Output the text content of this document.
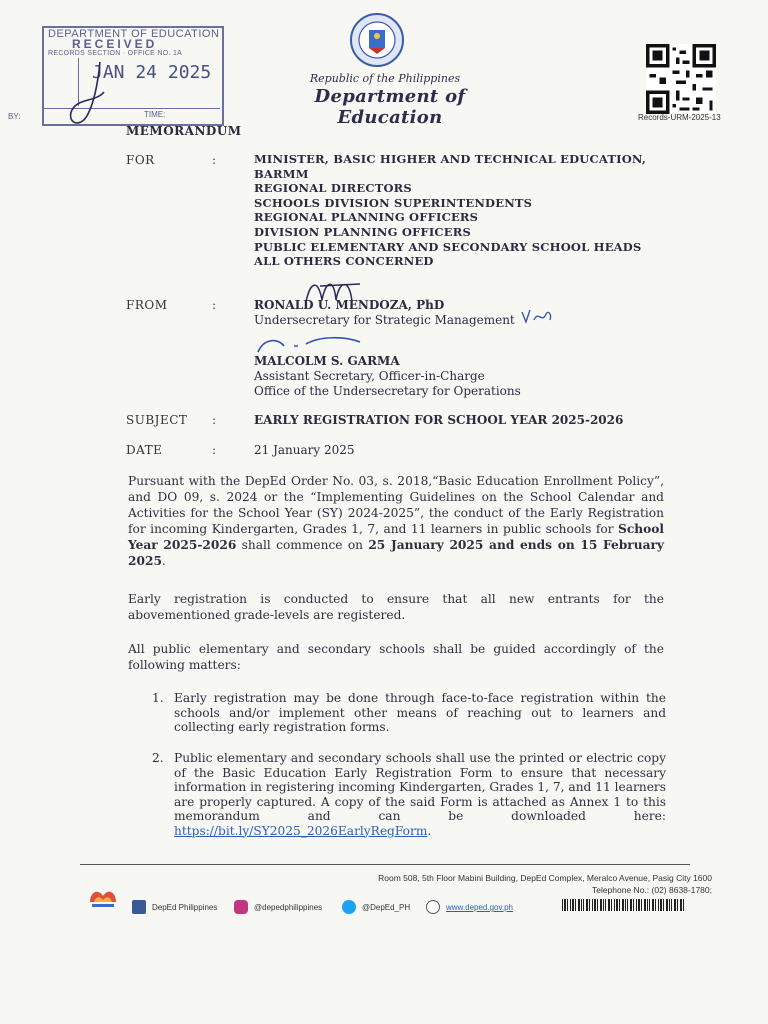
DEPARTMENT OF EDUCATION
RECEIVED
RECORDS SECTION · OFFICE NO. 1A
JAN 24 2025
BY:	TIME:
Republic of the Philippines
Department of Education	Records-URM-2025-13
MEMORANDUM
FOR	:	MINISTER, BASIC HIGHER AND TECHNICAL EDUCATION,
BARMM
REGIONAL DIRECTORS
SCHOOLS DIVISION SUPERINTENDENTS
REGIONAL PLANNING OFFICERS
DIVISION PLANNING OFFICERS
PUBLIC ELEMENTARY AND SECONDARY SCHOOL HEADS
ALL OTHERS CONCERNED
FROM	:	RONALD U. MENDOZA, PhD
Undersecretary for Strategic Management
MALCOLM S. GARMA
Assistant Secretary, Officer-in-Charge
Office of the Undersecretary for Operations
SUBJECT :	EARLY REGISTRATION FOR SCHOOL YEAR 2025-2026
DATE	:	21 January 2025
Pursuant with the DepEd Order No. 03, s. 2018,“Basic Education Enrollment Policy”, and DO 09, s. 2024 or the “Implementing Guidelines on the School Calendar and Activities for the School Year (SY) 2024-2025”, the conduct of the Early Registration for incoming Kindergarten, Grades 1, 7, and 11 learners in public schools for School Year 2025-2026 shall commence on 25 January 2025 and ends on 15 February 2025.
Early registration is conducted to ensure that all new entrants for the abovementioned grade-levels are registered.
All public elementary and secondary schools shall be guided accordingly of the following matters:
1. Early registration may be done through face-to-face registration within the schools and/or implement other means of reaching out to learners and collecting early registration forms.
2. Public elementary and secondary schools shall use the printed or electric copy of the Basic Education Early Registration Form to ensure that necessary information in registering incoming Kindergarten, Grades 1, 7, and 11 learners are properly captured. A copy of the said Form is attached as Annex 1 to this memorandum and can be downloaded here: https://bit.ly/SY2025_2026EarlyRegForm.
Room 508, 5th Floor Mabini Building, DepEd Complex, Meralco Avenue, Pasig City 1600
Telephone No.: (02) 8638-1780;
DepEd Philippines	@depedphilippines	@DepEd_PH	www.deped.gov.ph
